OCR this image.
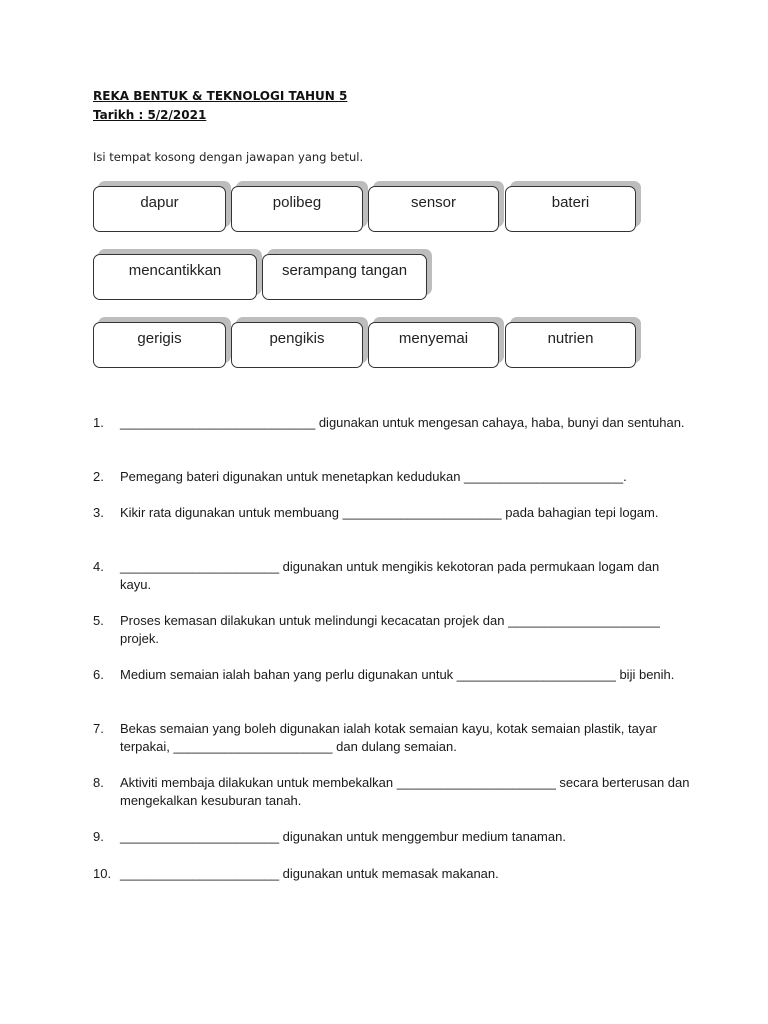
REKA BENTUK & TEKNOLOGI TAHUN 5
Tarikh : 5/2/2021
Isi tempat kosong dengan jawapan yang betul.
dapur	polibeg	sensor	bateri
mencantikkan	serampang tangan
gerigis	pengikis	menyemai	nutrien
1. ___________________________ digunakan untuk mengesan cahaya, haba, bunyi dan sentuhan.
2. Pemegang bateri digunakan untuk menetapkan kedudukan ______________________.
3. Kikir rata digunakan untuk membuang ______________________ pada bahagian tepi logam.
4. ______________________ digunakan untuk mengikis kekotoran pada permukaan logam dan kayu.
5. Proses kemasan dilakukan untuk melindungi kecacatan projek dan _____________________ projek.
6. Medium semaian ialah bahan yang perlu digunakan untuk ______________________ biji benih.
7. Bekas semaian yang boleh digunakan ialah kotak semaian kayu, kotak semaian plastik, tayar terpakai, ______________________ dan dulang semaian.
8. Aktiviti membaja dilakukan untuk membekalkan ______________________ secara berterusan dan mengekalkan kesuburan tanah.
9. ______________________ digunakan untuk menggembur medium tanaman.
10. ______________________ digunakan untuk memasak makanan.
